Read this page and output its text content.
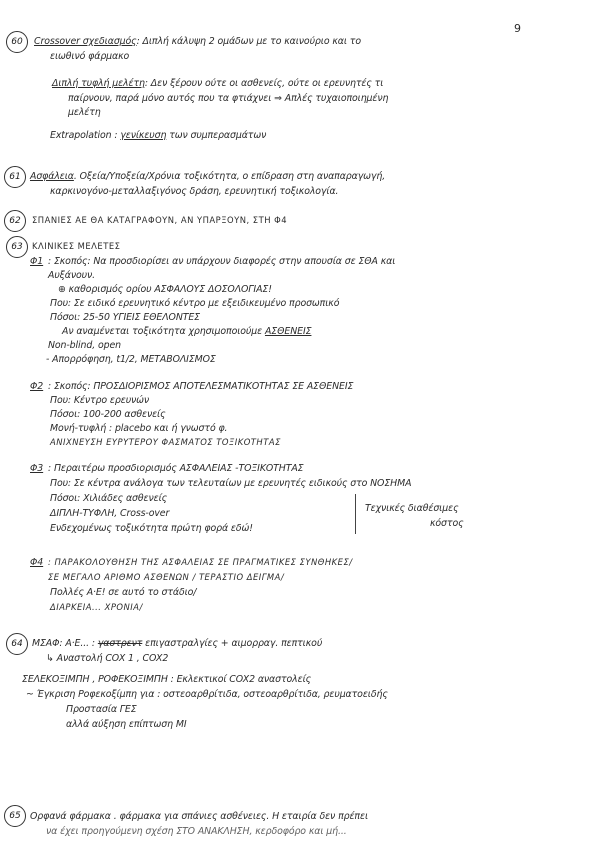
9
60	Crossover σχεδιασμός: Διπλή κάλυψη 2 ομάδων με το καινούριο και το
ειωθινό φάρμακο
Διπλή τυφλή μελέτη: Δεν ξέρουν ούτε οι ασθενείς, ούτε οι ερευνητές τι
παίρνουν, παρά μόνο αυτός που τα φτιάχνει ⇒ Απλές τυχαιοποιημένη
μελέτη
Extrapolation : γενίκευση των συμπερασμάτων
61 Ασφάλεια. Οξεία/Υποξεία/Χρόνια τοξικότητα, ο επίδραση στη αναπαραγωγή,
καρκινογόνο-μεταλλαξιγόνος δράση, ερευνητική τοξικολογία.
62	ΣΠΑΝΙΕΣ ΑΕ ΘΑ ΚΑΤΑΓΡΑΦΟΥΝ, ΑΝ ΥΠΑΡΞΟΥΝ, ΣΤΗ Φ4
63	ΚΛΙΝΙΚΕΣ ΜΕΛΕΤΕΣ
Φ1 : Σκοπός: Να προσδιορίσει αν υπάρχουν διαφορές στην απουσία σε ΣΘΑ και
Αυξάνουν.
⊕ καθορισμός ορίου ΑΣΦΑΛΟΥΣ ΔΟΣΟΛΟΓΙΑΣ!
Που: Σε ειδικό ερευνητικό κέντρο με εξειδικευμένο προσωπικό
Πόσοι: 25-50 ΥΓΙΕΙΣ ΕΘΕΛΟΝΤΕΣ
Αν αναμένεται τοξικότητα χρησιμοποιούμε ΑΣΘΕΝΕΙΣ
Non-blind, open
- Απορρόφηση, t1/2, ΜΕΤΑΒΟΛΙΣΜΟΣ
Φ2 : Σκοπός: ΠΡΟΣΔΙΟΡΙΣΜΟΣ ΑΠΟΤΕΛΕΣΜΑΤΙΚΟΤΗΤΑΣ ΣΕ ΑΣΘΕΝΕΙΣ
Που: Κέντρο ερευνών
Πόσοι: 100-200 ασθενείς
Μονή-τυφλή : placebo και ή γνωστό φ.
ΑΝΙΧΝΕΥΣΗ ΕΥΡΥΤΕΡΟΥ ΦΑΣΜΑΤΟΣ ΤΟΞΙΚΟΤΗΤΑΣ
Φ3 : Περαιτέρω προσδιορισμός ΑΣΦΑΛΕΙΑΣ -ΤΟΞΙΚΟΤΗΤΑΣ
Που: Σε κέντρα ανάλογα των τελευταίων με ερευνητές ειδικούς στο ΝΟΣΗΜΑ
Πόσοι: Χιλιάδες ασθενείς
ΔΙΠΛΗ-ΤΥΦΛΗ, Cross-over
Ενδεχομένως τοξικότητα πρώτη φορά εδώ!
Τεχνικές διαθέσιμες
κόστος
Φ4 : ΠΑΡΑΚΟΛΟΥΘΗΣΗ ΤΗΣ ΑΣΦΑΛΕΙΑΣ ΣΕ ΠΡΑΓΜΑΤΙΚΕΣ ΣΥΝΘΗΚΕΣ/
ΣΕ ΜΕΓΑΛΟ ΑΡΙΘΜΟ ΑΣΘΕΝΩΝ / ΤΕΡΑΣΤΙΟ ΔΕΙΓΜΑ/
Πολλές Α·Ε! σε αυτό το στάδιο/
ΔΙΑΡΚΕΙΑ... ΧΡΟΝΙΑ/
64 ΜΣΑΦ: Α·Ε... : γαστρεντ επιγαστραλγίες + αιμορραγ. πεπτικού
↳ Αναστολή COX 1 , COX2
ΣΕΛΕΚΟΞΙΜΠΗ , ΡΟΦΕΚΟΞΙΜΠΗ : Εκλεκτικοί COX2 αναστολείς
~ Έγκριση Ροφεκοξίμπη για : οστεοαρθρίτιδα, οστεοαρθρίτιδα, ρευματοειδής
Προστασία ΓΕΣ
αλλά αύξηση επίπτωση ΜΙ
65 Ορφανά φάρμακα . φάρμακα για σπάνιες ασθένειες. Η εταιρία δεν πρέπει
να έχει προηγούμενη σχέση ΣΤΟ ΑΝΑΚΛΗΣΗ, κερδοφόρο και μή...
